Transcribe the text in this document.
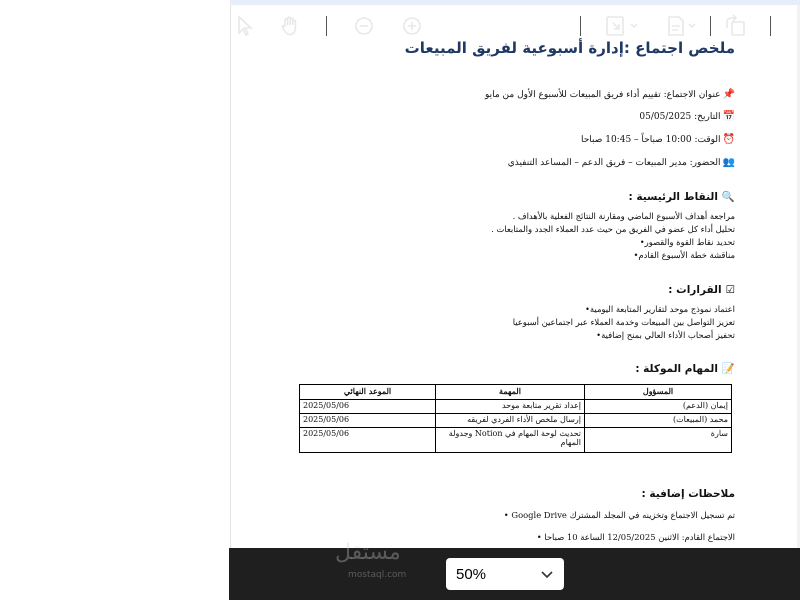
ملخص اجتماع :إدارة أسبوعية لفريق المبيعات
📌
عنوان الاجتماع: تقييم أداء فريق المبيعات للأسبوع الأول من مايو
📅
التاريخ: 05/05/2025
⏰
الوقت: 10:00 صباحاً – 10:45 صباحا
👥
الحضور: مدير المبيعات – فريق الدعم – المساعد التنفيذي
🔍
النقاط الرئيسية :
مراجعة أهداف الأسبوع الماضي ومقارنة النتائج الفعلية بالأهداف .
تحليل أداء كل عضو في الفريق من حيث عدد العملاء الجدد والمتابعات .
تحديد نقاط القوة والقصور•
مناقشة خطة الأسبوع القادم•
☑
القرارات :
اعتماد نموذج موحد لتقارير المتابعة اليومية•
تعزيز التواصل بين المبيعات وخدمة العملاء عبر اجتماعين أسبوعيا
تحفيز أصحاب الأداء العالي بمنح إضافية•
📝
المهام الموكلة :
المسؤول	المهمة	الموعد النهائي
إيمان (الدعم)	إعداد تقرير متابعة موحد	2025/05/06
محمد (المبيعات)	إرسال ملخص الأداء الفردي لفريقه	2025/05/06
سارة	تحديث لوحة المهام في Notion وجدولة المهام	2025/05/06
ملاحظات إضافية :
تم تسجيل الاجتماع وتخزينه في المجلد المشترك Google Drive •
الاجتماع القادم: الاثنين 12/05/2025 الساعة 10 صباحا •
مستقل
mostaql.com	50%
